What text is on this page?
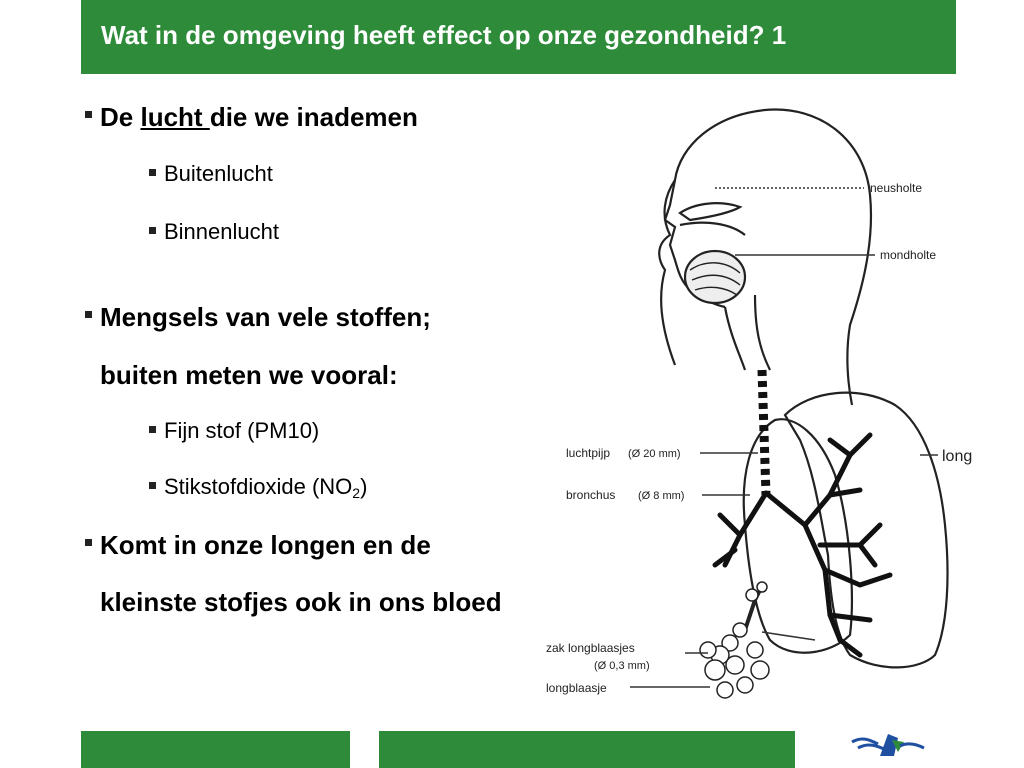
Wat in de omgeving heeft effect op onze gezondheid? 1
De lucht die we inademen
Buitenlucht
Binnenlucht
Mengsels van vele stoffen;
buiten meten we vooral:
Fijn stof (PM10)
Stikstofdioxide $(NO_2)$
Komt in onze longen en de
kleinste stofjes ook in ons bloed
neusholte
mondholte
luchtpijp (Ø 20 mm)	long
bronchus (Ø 8 mm)
zak longblaasjes
(Ø 0,3 mm)
longblaasje
